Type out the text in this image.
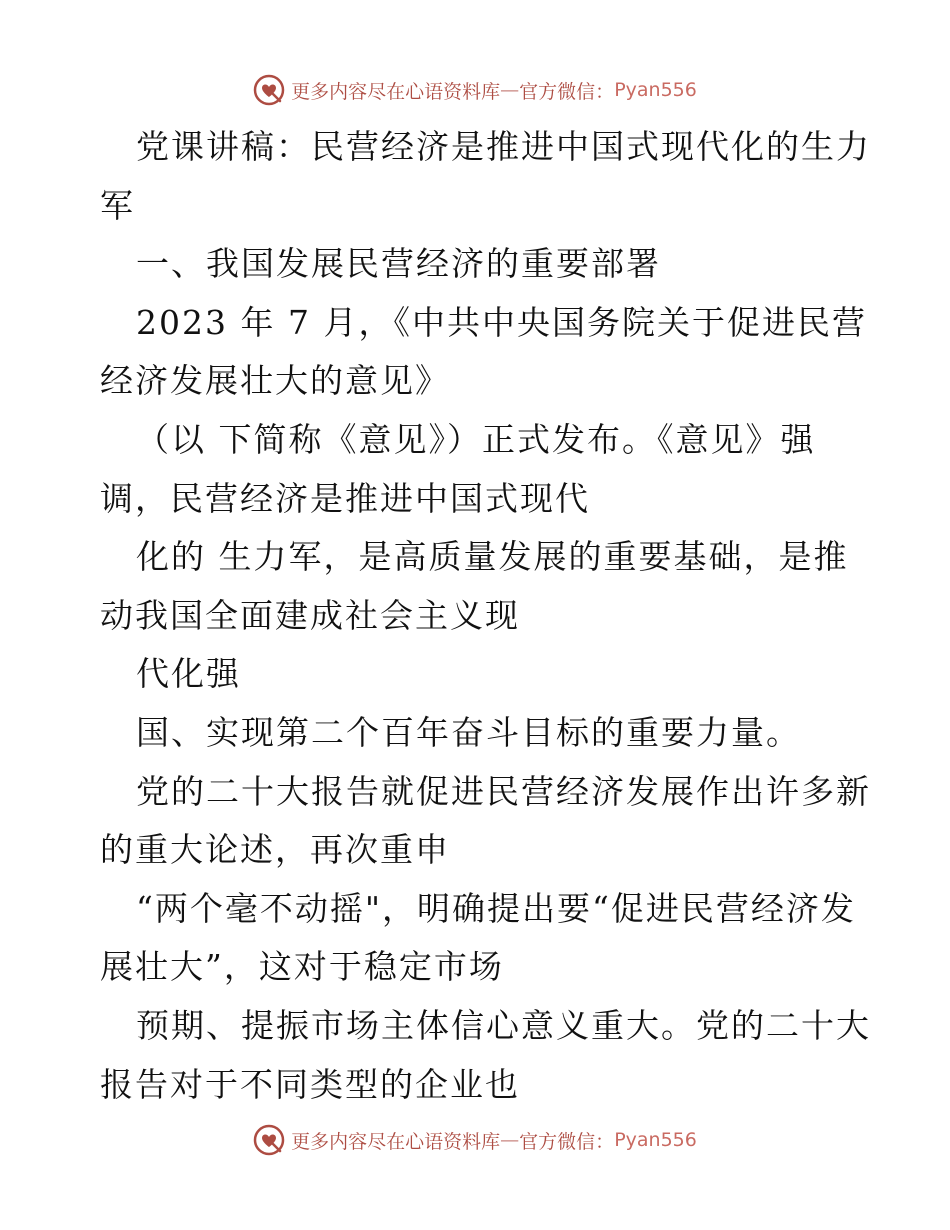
更多内容尽在心语资料库 — 官方微信： Pyan556
党课讲稿：民营经济是推进中国式现代化的生力
军
一、我国发展民营经济的重要部署
2023 年 7 月，《中共中央国务院关于促进民营
经济发展壮大的意见》
（以 下简称《意见》）正式发布。《意见》强
调，民营经济是推进中国式现代
化的 生力军，是高质量发展的重要基础，是推
动我国全面建成社会主义现
代化强
国、实现第二个百年奋斗目标的重要力量。
党的二十大报告就促进民营经济发展作出许多新
的重大论述，再次重申
“两个毫不动摇"，明确提出要“促进民营经济发
展壮大”，这对于稳定市场
预期、提振市场主体信心意义重大。党的二十大
报告对于不同类型的企业也
更多内容尽在心语资料库 — 官方微信： Pyan556
